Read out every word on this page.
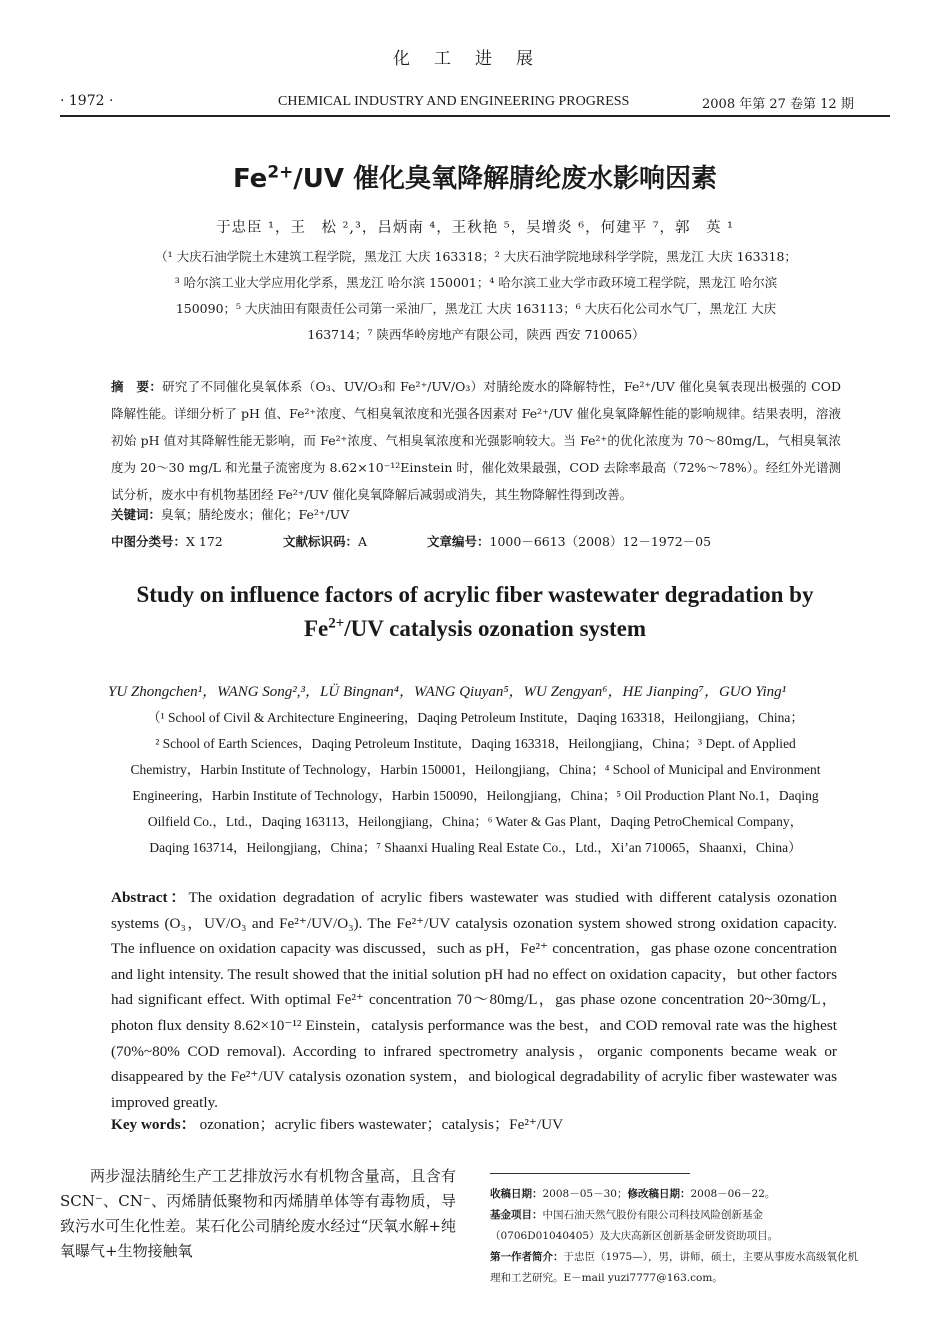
化工进展
· 1972 ·	CHEMICAL INDUSTRY AND ENGINEERING PROGRESS	2008 年第 27 卷第 12 期
$Fe^{2+}/UV$ 催化臭氧降解腈纶废水影响因素
于忠臣 ¹，王　松 ²,³，吕炳南 ⁴，王秋艳 ⁵，吴增炎 ⁶，何建平 ⁷，郭　英 ¹
（¹ 大庆石油学院土木建筑工程学院，黑龙江 大庆 163318；² 大庆石油学院地球科学学院，黑龙江 大庆 163318；
³ 哈尔滨工业大学应用化学系，黑龙江 哈尔滨 150001；⁴ 哈尔滨工业大学市政环境工程学院，黑龙江 哈尔滨
150090；⁵ 大庆油田有限责任公司第一采油厂，黑龙江 大庆 163113；⁶ 大庆石化公司水气厂，黑龙江 大庆
163714；⁷ 陕西华岭房地产有限公司，陕西 西安 710065）
摘　要：研究了不同催化臭氧体系（O₃、UV/O₃和 Fe²⁺/UV/O₃）对腈纶废水的降解特性，Fe²⁺/UV 催化臭氧表现出极强的 COD 降解性能。详细分析了 pH 值、Fe²⁺浓度、气相臭氧浓度和光强各因素对 Fe²⁺/UV 催化臭氧降解性能的影响规律。结果表明，溶液初始 pH 值对其降解性能无影响，而 Fe²⁺浓度、气相臭氧浓度和光强影响较大。当 Fe²⁺的优化浓度为 70～80mg/L，气相臭氧浓度为 20～30 mg/L 和光量子流密度为 8.62×10⁻¹²Einstein 时，催化效果最强，COD 去除率最高（72%～78%）。经红外光谱测试分析，废水中有机物基团经 Fe²⁺/UV 催化臭氧降解后减弱或消失，其生物降解性得到改善。
关键词：臭氧；腈纶废水；催化；Fe²⁺/UV
中图分类号：X 172	文献标识码：A	文章编号：1000－6613（2008）12－1972－05
Study on influence factors of acrylic fiber wastewater degradation by
$Fe^{2+}/UV$ catalysis ozonation system
YU Zhongchen¹，WANG Song²,³，LÜ Bingnan⁴，WANG Qiuyan⁵，WU Zengyan⁶，HE Jianping⁷，GUO Ying¹
（¹ School of Civil & Architecture Engineering，Daqing Petroleum Institute，Daqing 163318，Heilongjiang，China；
² School of Earth Sciences，Daqing Petroleum Institute，Daqing 163318，Heilongjiang，China；³ Dept. of Applied
Chemistry，Harbin Institute of Technology，Harbin 150001，Heilongjiang，China；⁴ School of Municipal and Environment
Engineering，Harbin Institute of Technology，Harbin 150090，Heilongjiang，China；⁵ Oil Production Plant No.1，Daqing
Oilfield Co.，Ltd.，Daqing 163113，Heilongjiang，China；⁶ Water & Gas Plant，Daqing PetroChemical Company，
Daqing 163714，Heilongjiang，China；⁷ Shaanxi Hualing Real Estate Co.，Ltd.，Xi’an 710065，Shaanxi，China）
Abstract：The oxidation degradation of acrylic fibers wastewater was studied with different catalysis ozonation systems (O₃，UV/O₃ and Fe²⁺/UV/O₃). The Fe²⁺/UV catalysis ozonation system showed strong oxidation capacity. The influence on oxidation capacity was discussed，such as pH，Fe²⁺ concentration，gas phase ozone concentration and light intensity. The result showed that the initial solution pH had no effect on oxidation capacity，but other factors had significant effect. With optimal Fe²⁺ concentration 70～80mg/L，gas phase ozone concentration 20~30mg/L，photon flux density 8.62×10⁻¹² Einstein，catalysis performance was the best，and COD removal rate was the highest (70%~80% COD removal). According to infrared spectrometry analysis，organic components became weak or disappeared by the Fe²⁺/UV catalysis ozonation system，and biological degradability of acrylic fiber wastewater was improved greatly.
Key words： ozonation；acrylic fibers wastewater；catalysis；Fe²⁺/UV
两步湿法腈纶生产工艺排放污水有机物含量高，且含有 SCN⁻、CN⁻、丙烯腈低聚物和丙烯腈单体等有毒物质，导致污水可生化性差。某石化公司腈纶废水经过“厌氧水解+纯氧曝气+生物接触氧
收稿日期：2008－05－30；修改稿日期：2008－06－22。
基金项目：中国石油天然气股份有限公司科技风险创新基金（0706D01040405）及大庆高新区创新基金研发资助项目。
第一作者简介：于忠臣（1975—），男，讲师，硕士，主要从事废水高级氧化机理和工艺研究。E－mail yuzi7777@163.com。
